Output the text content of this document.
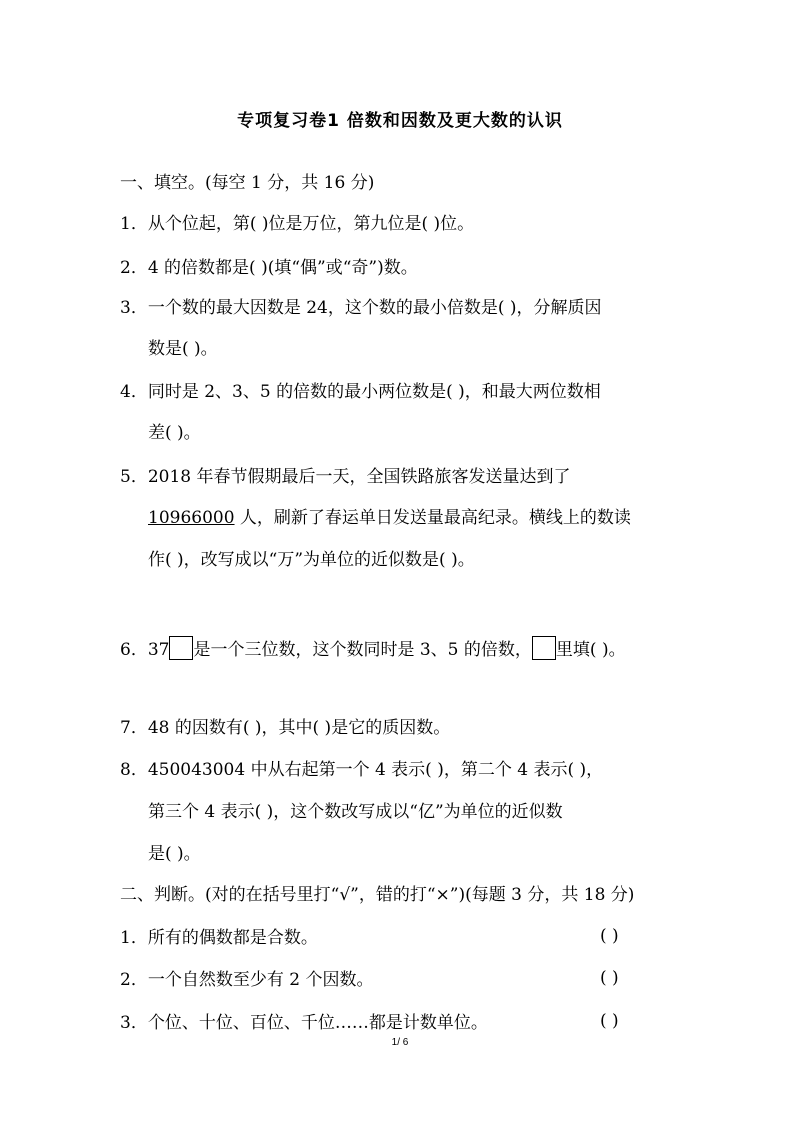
专项复习卷1 倍数和因数及更大数的认识
一、填空。(每空 1 分，共 16 分)
1．从个位起，第( )位是万位，第九位是( )位。
2．4 的倍数都是( )(填“偶”或“奇”)数。
3．一个数的最大因数是 24，这个数的最小倍数是( )，分解质因
数是( )。
4．同时是 2、3、5 的倍数的最小两位数是( )，和最大两位数相
差( )。
5．2018 年春节假期最后一天，全国铁路旅客发送量达到了
10966000 人，刷新了春运单日发送量最高纪录。横线上的数读
作( )，改写成以“万”为单位的近似数是( )。
6．37 是一个三位数，这个数同时是 3、5 的倍数， 里填( )。
7．48 的因数有( )，其中( )是它的质因数。
8．450043004 中从右起第一个 4 表示( )，第二个 4 表示( )，
第三个 4 表示( )，这个数改写成以“亿”为单位的近似数
是( )。
二、判断。(对的在括号里打“√”，错的打“×”)(每题 3 分，共 18 分)
1．所有的偶数都是合数。	( )
2．一个自然数至少有 2 个因数。	( )
3．个位、十位、百位、千位……都是计数单位。	( )
1/ 6
